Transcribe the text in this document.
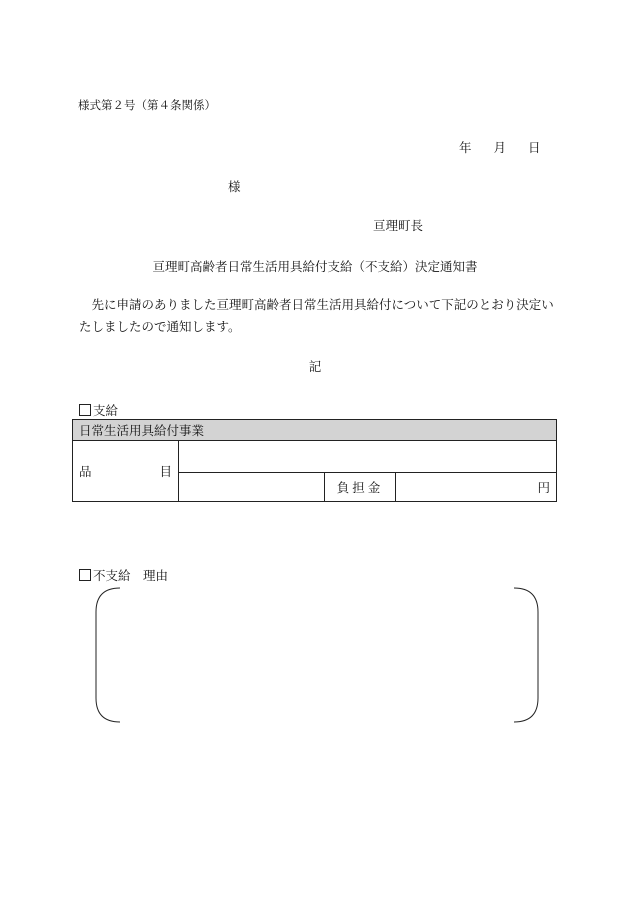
様式第２号（第４条関係）
年 月 日
様
亘理町長
亘理町高齢者日常生活用具給付支給（不支給）決定通知書
　先に申請のありました亘理町高齢者日常生活用具給付について下記のとおり決定いたしましたので通知します。
記
支給
日常生活用具給付事業			
品　　　　目			
		負担金	円
不支給　理由
